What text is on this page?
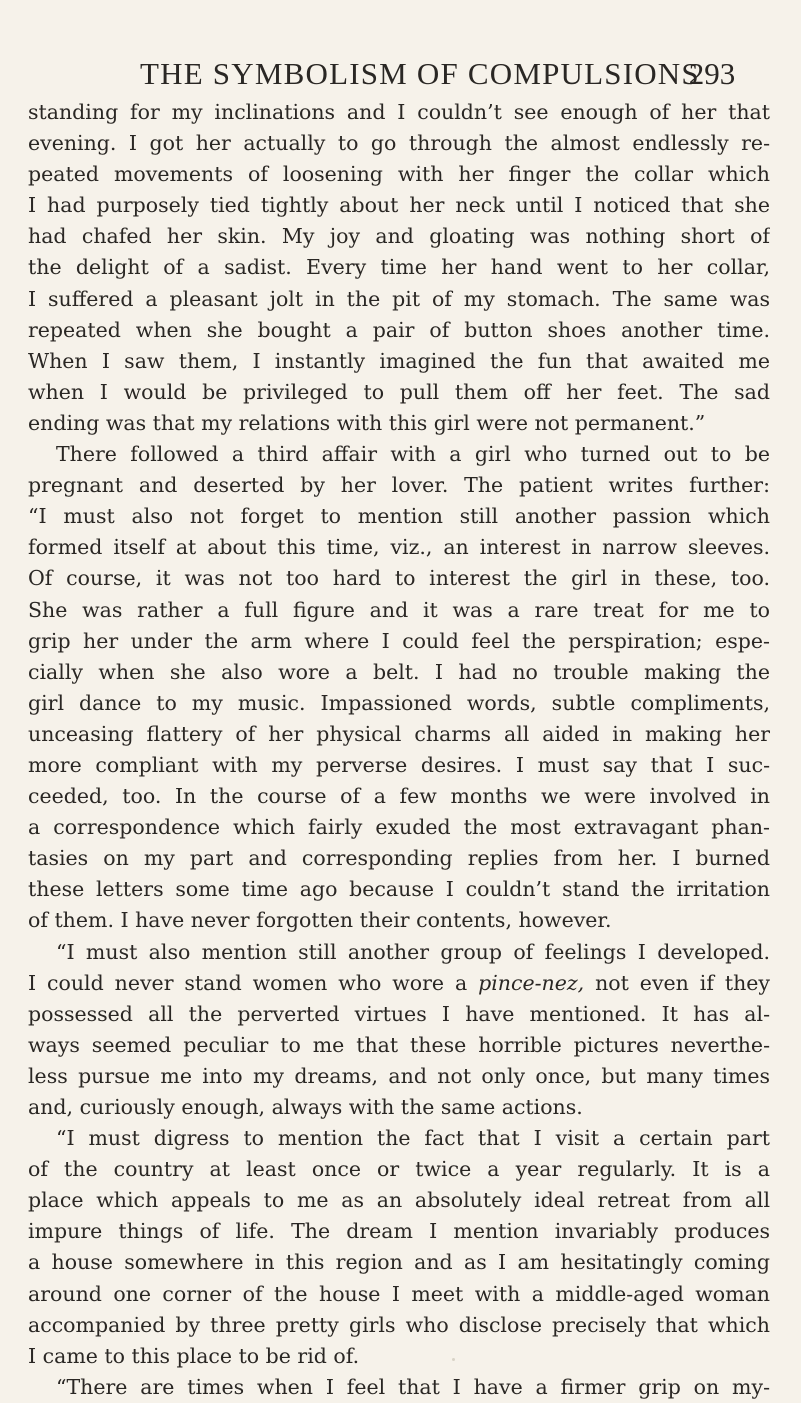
THE SYMBOLISM OF COMPULSIONS
293
standing for my inclinations and I couldn’t see enough of her that
evening. I got her actually to go through the almost endlessly re-
peated movements of loosening with her finger the collar which
I had purposely tied tightly about her neck until I noticed that she
had chafed her skin. My joy and gloating was nothing short of
the delight of a sadist. Every time her hand went to her collar,
I suffered a pleasant jolt in the pit of my stomach. The same was
repeated when she bought a pair of button shoes another time.
When I saw them, I instantly imagined the fun that awaited me
when I would be privileged to pull them off her feet. The sad
ending was that my relations with this girl were not permanent.”
There followed a third affair with a girl who turned out to be
pregnant and deserted by her lover. The patient writes further:
“I must also not forget to mention still another passion which
formed itself at about this time, viz., an interest in narrow sleeves.
Of course, it was not too hard to interest the girl in these, too.
She was rather a full figure and it was a rare treat for me to
grip her under the arm where I could feel the perspiration; espe-
cially when she also wore a belt. I had no trouble making the
girl dance to my music. Impassioned words, subtle compliments,
unceasing flattery of her physical charms all aided in making her
more compliant with my perverse desires. I must say that I suc-
ceeded, too. In the course of a few months we were involved in
a correspondence which fairly exuded the most extravagant phan-
tasies on my part and corresponding replies from her. I burned
these letters some time ago because I couldn’t stand the irritation
of them. I have never forgotten their contents, however.
“I must also mention still another group of feelings I developed.
I could never stand women who wore a pince-nez, not even if they
possessed all the perverted virtues I have mentioned. It has al-
ways seemed peculiar to me that these horrible pictures neverthe-
less pursue me into my dreams, and not only once, but many times
and, curiously enough, always with the same actions.
“I must digress to mention the fact that I visit a certain part
of the country at least once or twice a year regularly. It is a
place which appeals to me as an absolutely ideal retreat from all
impure things of life. The dream I mention invariably produces
a house somewhere in this region and as I am hesitatingly coming
around one corner of the house I meet with a middle-aged woman
accompanied by three pretty girls who disclose precisely that which
I came to this place to be rid of.
“There are times when I feel that I have a firmer grip on my-
